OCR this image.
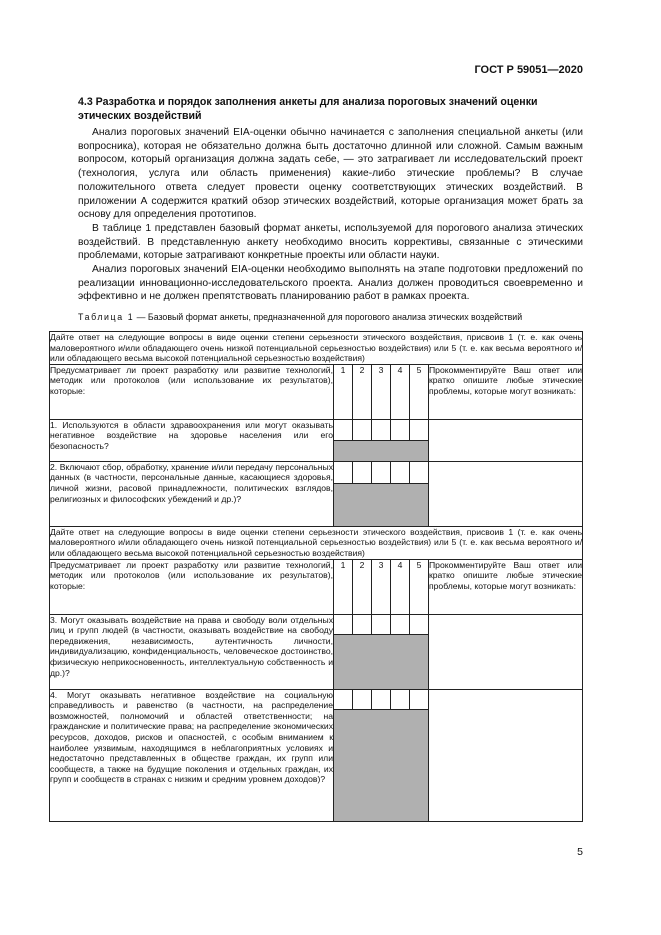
ГОСТ Р 59051—2020
4.3 Разработка и порядок заполнения анкеты для анализа пороговых значений оценки этических воздействий

Анализ пороговых значений EIA-оценки обычно начинается с заполнения специальной анкеты (или вопросника), которая не обязательно должна быть достаточно длинной или сложной. Самым важным вопросом, который организация должна задать себе, — это затрагивает ли исследовательский проект (технология, услуга или область применения) какие-либо этические проблемы? В случае положительного ответа следует провести оценку соответствующих этических воздействий. В приложении А содержится краткий обзор этических воздействий, которые организация может брать за основу для определения прототипов.

В таблице 1 представлен базовый формат анкеты, используемой для порогового анализа этических воздействий. В представленную анкету необходимо вносить коррективы, связанные с этическими проблемами, которые затрагивают конкретные проекты или области науки.

Анализ пороговых значений EIA-оценки необходимо выполнять на этапе подготовки предложений по реализации инновационно-исследовательского проекта. Анализ должен проводиться своевременно и эффективно и не должен препятствовать планированию работ в рамках проекта.

Таблица 1 — Базовый формат анкеты, предназначенной для порогового анализа этических воздействий
Дайте ответ на следующие вопросы в виде оценки степени серьезности этического воздействия, присвоив 1 (т. е. как очень маловероятного и/или обладающего очень низкой потенциальной серьезностью воздействия) или 5 (т. е. как весьма вероятного и/или обладающего весьма высокой потенциальной серьезностью воздействия)						
Предусматривает ли проект разработку или развитие технологий, методик или протоколов (или использование их результатов), которые:	1	2	3	4	5	Прокомментируйте Ваш ответ или кратко опишите любые этические проблемы, которые могут возникать:
1. Используются в области здравоохранения или могут оказывать негативное воздействие на здоровье населения или его безопасность?						

2. Включают сбор, обработку, хранение и/или передачу персональных данных (в частности, персональные данные, касающиеся здоровья, личной жизни, расовой принадлежности, политических взглядов, религиозных и философских убеждений и др.)?						

Дайте ответ на следующие вопросы в виде оценки степени серьезности этического воздействия, присвоив 1 (т. е. как очень маловероятного и/или обладающего очень низкой потенциальной серьезностью воздействия) или 5 (т. е. как весьма вероятного и/или обладающего весьма высокой потенциальной серьезностью воздействия)						
Предусматривает ли проект разработку или развитие технологий, методик или протоколов (или использование их результатов), которые:	1	2	3	4	5	Прокомментируйте Ваш ответ или кратко опишите любые этические проблемы, которые могут возникать:
3. Могут оказывать воздействие на права и свободу воли отдельных лиц и групп людей (в частности, оказывать воздействие на свободу передвижения, независимость, аутентичность личности, индивидуализацию, конфиденциальность, человеческое достоинство, физическую неприкосновенность, интеллектуальную собственность и др.)?						

4. Могут оказывать негативное воздействие на социальную справедливость и равенство (в частности, на распределение возможностей, полномочий и областей ответственности; на гражданские и политические права; на распределение экономических ресурсов, доходов, рисков и опасностей, с особым вниманием к наиболее уязвимым, находящимся в неблагоприятных условиях и недостаточно представленных в обществе граждан, их групп или сообществ, а также на будущие поколения и отдельных граждан, их групп и сообществ в странах с низким и средним уровнем доходов)?						

5
